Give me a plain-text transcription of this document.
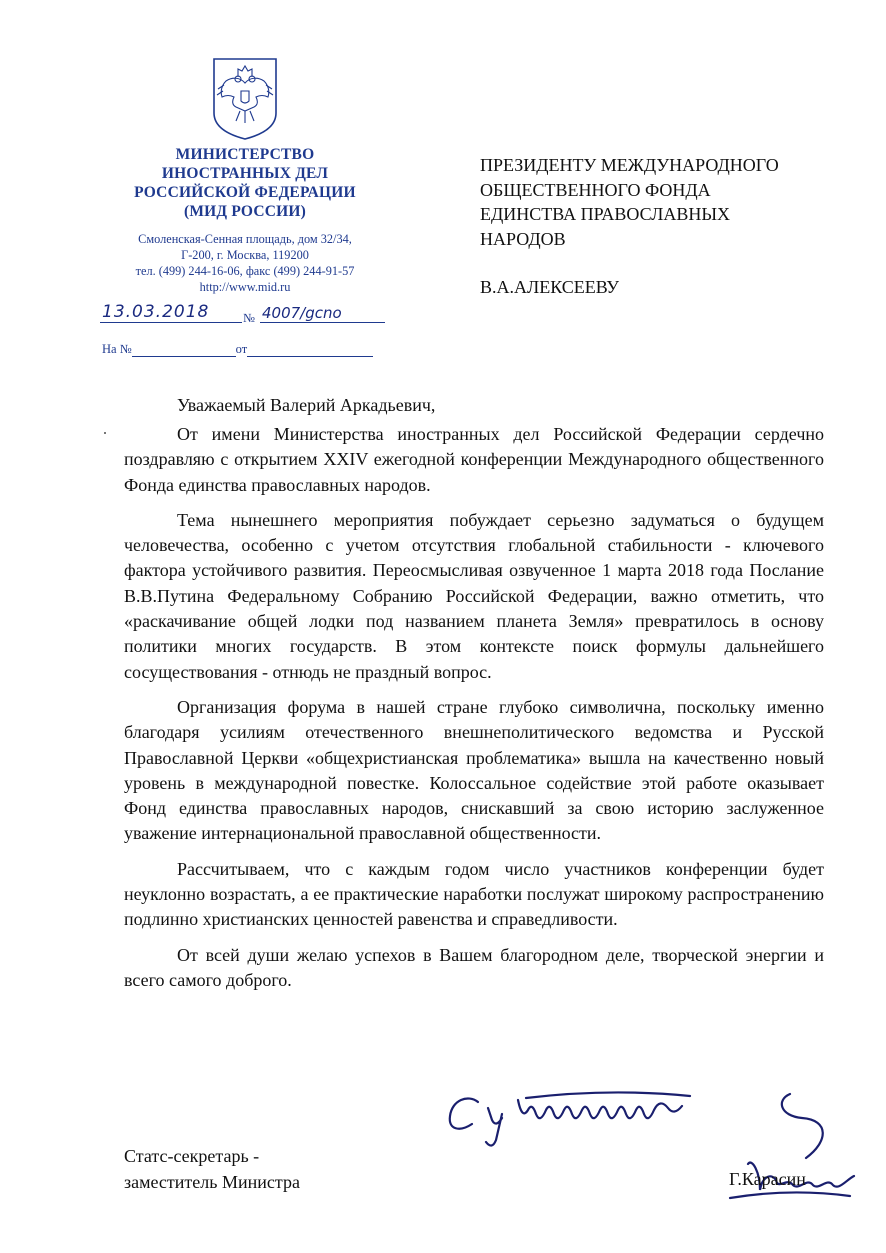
МИНИСТЕРСТВО
ИНОСТРАННЫХ ДЕЛ
РОССИЙСКОЙ ФЕДЕРАЦИИ
(МИД РОССИИ)
Смоленская-Сенная площадь, дом 32/34,
Г-200, г. Москва, 119200
тел. (499) 244-16-06, факс (499) 244-91-57
http://www.mid.ru
13.03.2018	№ 4007/gcno
На №	от
ПРЕЗИДЕНТУ МЕЖДУНАРОДНОГО
ОБЩЕСТВЕННОГО ФОНДА
ЕДИНСТВА ПРАВОСЛАВНЫХ
НАРОДОВ
В.А.АЛЕКСЕЕВУ
Уважаемый Валерий Аркадьевич,

От имени Министерства иностранных дел Российской Федерации сердечно поздравляю с открытием XXIV ежегодной конференции Международного общественного Фонда единства православных народов.

Тема нынешнего мероприятия побуждает серьезно задуматься о будущем человечества, особенно с учетом отсутствия глобальной стабильности - ключевого фактора устойчивого развития. Переосмысливая озвученное 1 марта 2018 года Послание В.В.Путина Федеральному Собранию Российской Федерации, важно отметить, что «раскачивание общей лодки под названием планета Земля» превратилось в основу политики многих государств. В этом контексте поиск формулы дальнейшего сосуществования - отнюдь не праздный вопрос.

Организация форума в нашей стране глубоко символична, поскольку именно благодаря усилиям отечественного внешнеполитического ведомства и Русской Православной Церкви «общехристианская проблематика» вышла на качественно новый уровень в международной повестке. Колоссальное содействие этой работе оказывает Фонд единства православных народов, снискавший за свою историю заслуженное уважение интернациональной православной общественности.

Рассчитываем, что с каждым годом число участников конференции будет неуклонно возрастать, а ее практические наработки послужат широкому распространению подлинно христианских ценностей равенства и справедливости.

От всей души желаю успехов в Вашем благородном деле, творческой энергии и всего самого доброго.

Статс-секретарь -
заместитель Министра	Г.Карасин
